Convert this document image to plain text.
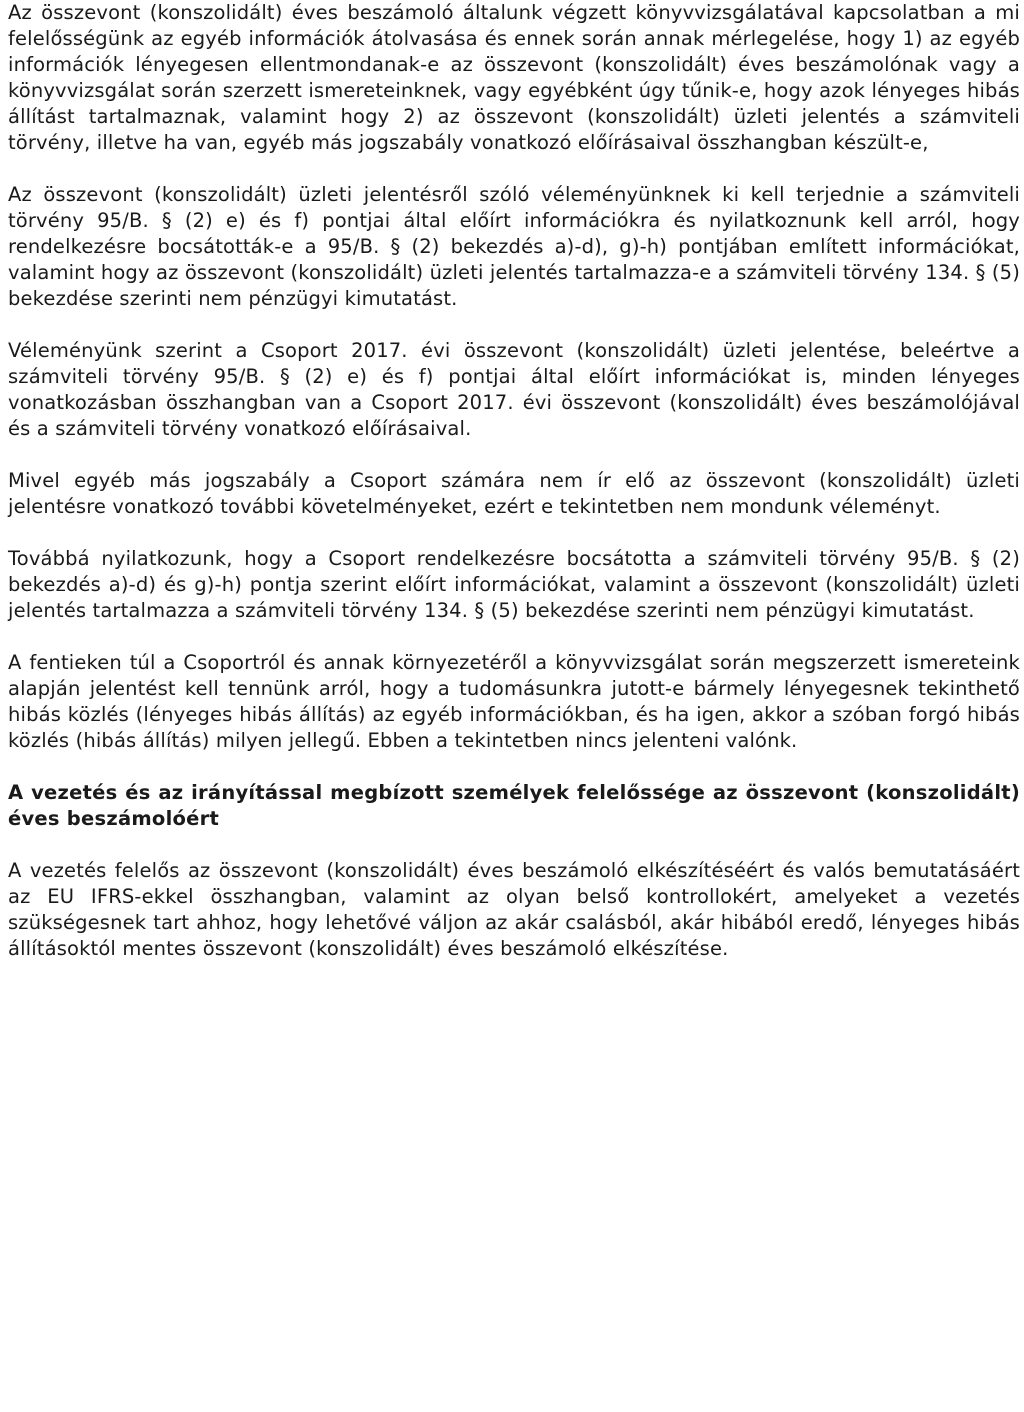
Az összevont (konszolidált) éves beszámoló általunk végzett könyvvizsgálatával kapcsolatban a mi felelősségünk az egyéb információk átolvasása és ennek során annak mérlegelése, hogy 1) az egyéb információk lényegesen ellentmondanak-e az összevont (konszolidált) éves beszámolónak vagy a könyvvizsgálat során szerzett ismereteinknek, vagy egyébként úgy tűnik-e, hogy azok lényeges hibás állítást tartalmaznak, valamint hogy 2) az összevont (konszolidált) üzleti jelentés a számviteli törvény, illetve ha van, egyéb más jogszabály vonatkozó előírásaival összhangban készült-e,

Az összevont (konszolidált) üzleti jelentésről szóló véleményünknek ki kell terjednie a számviteli törvény 95/B. § (2) e) és f) pontjai által előírt információkra és nyilatkoznunk kell arról, hogy rendelkezésre bocsátották-e a 95/B. § (2) bekezdés a)-d), g)-h) pontjában említett információkat, valamint hogy az összevont (konszolidált) üzleti jelentés tartalmazza-e a számviteli törvény 134. § (5) bekezdése szerinti nem pénzügyi kimutatást.

Véleményünk szerint a Csoport 2017. évi összevont (konszolidált) üzleti jelentése, beleértve a számviteli törvény 95/B. § (2) e) és f) pontjai által előírt információkat is, minden lényeges vonatkozásban összhangban van a Csoport 2017. évi összevont (konszolidált) éves beszámolójával és a számviteli törvény vonatkozó előírásaival.

Mivel egyéb más jogszabály a Csoport számára nem ír elő az összevont (konszolidált) üzleti jelentésre vonatkozó további követelményeket, ezért e tekintetben nem mondunk véleményt.

Továbbá nyilatkozunk, hogy a Csoport rendelkezésre bocsátotta a számviteli törvény 95/B. § (2) bekezdés a)-d) és g)-h) pontja szerint előírt információkat, valamint a összevont (konszolidált) üzleti jelentés tartalmazza a számviteli törvény 134. § (5) bekezdése szerinti nem pénzügyi kimutatást.

A fentieken túl a Csoportról és annak környezetéről a könyvvizsgálat során megszerzett ismereteink alapján jelentést kell tennünk arról, hogy a tudomásunkra jutott-e bármely lényegesnek tekinthető hibás közlés (lényeges hibás állítás) az egyéb információkban, és ha igen, akkor a szóban forgó hibás közlés (hibás állítás) milyen jellegű. Ebben a tekintetben nincs jelenteni valónk.

A vezetés és az irányítással megbízott személyek felelőssége az összevont (konszolidált) éves beszámolóért

A vezetés felelős az összevont (konszolidált) éves beszámoló elkészítéséért és valós bemutatásáért az EU IFRS-ekkel összhangban, valamint az olyan belső kontrollokért, amelyeket a vezetés szükségesnek tart ahhoz, hogy lehetővé váljon az akár csalásból, akár hibából eredő, lényeges hibás állításoktól mentes összevont (konszolidált) éves beszámoló elkészítése.
